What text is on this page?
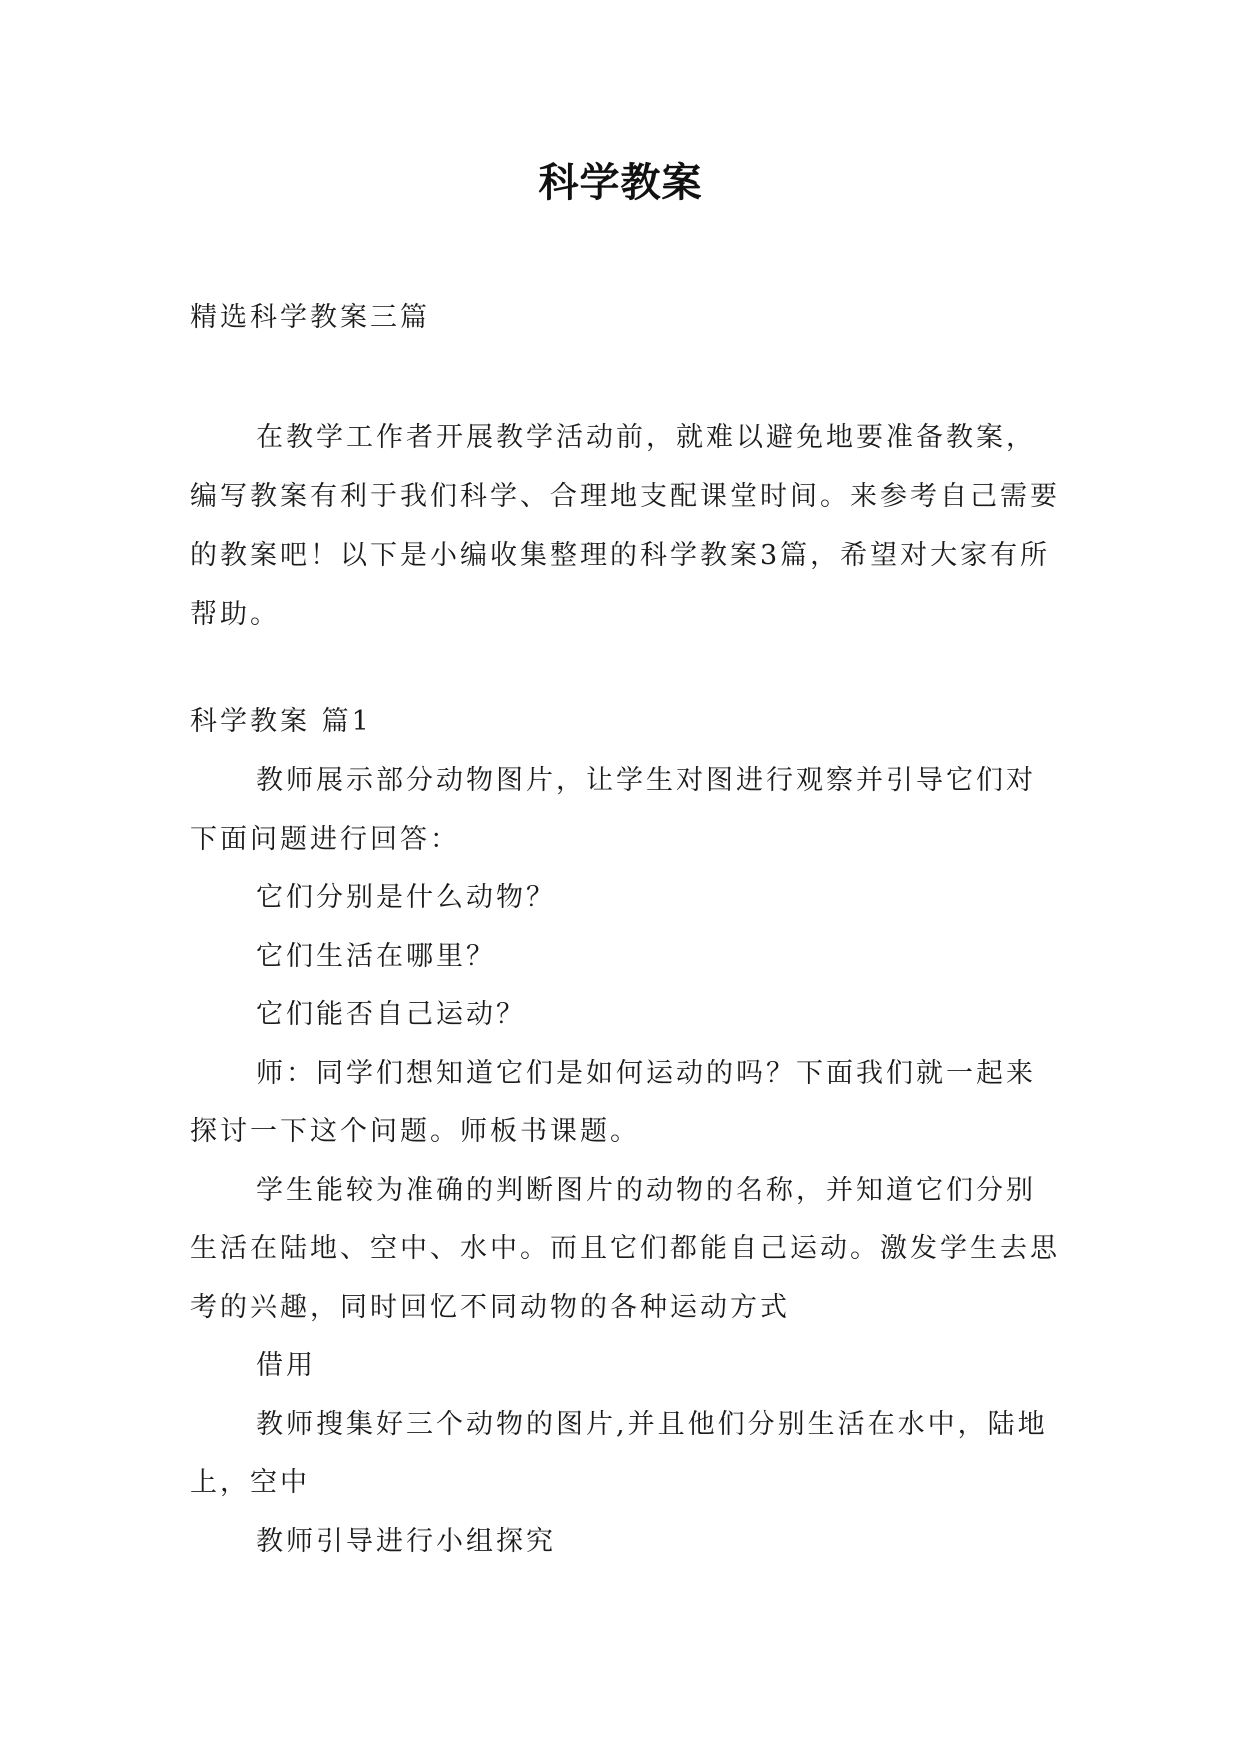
科学教案
精选科学教案三篇

在教学工作者开展教学活动前，就难以避免地要准备教案，编写教案有利于我们科学、合理地支配课堂时间。来参考自己需要的教案吧！以下是小编收集整理的科学教案3篇，希望对大家有所帮助。

科学教案 篇1

教师展示部分动物图片，让学生对图进行观察并引导它们对下面问题进行回答：

它们分别是什么动物？

它们生活在哪里？

它们能否自己运动？

师：同学们想知道它们是如何运动的吗？下面我们就一起来探讨一下这个问题。师板书课题。

学生能较为准确的判断图片的动物的名称，并知道它们分别生活在陆地、空中、水中。而且它们都能自己运动。激发学生去思考的兴趣，同时回忆不同动物的各种运动方式

借用

教师搜集好三个动物的图片,并且他们分别生活在水中，陆地上，空中

教师引导进行小组探究
